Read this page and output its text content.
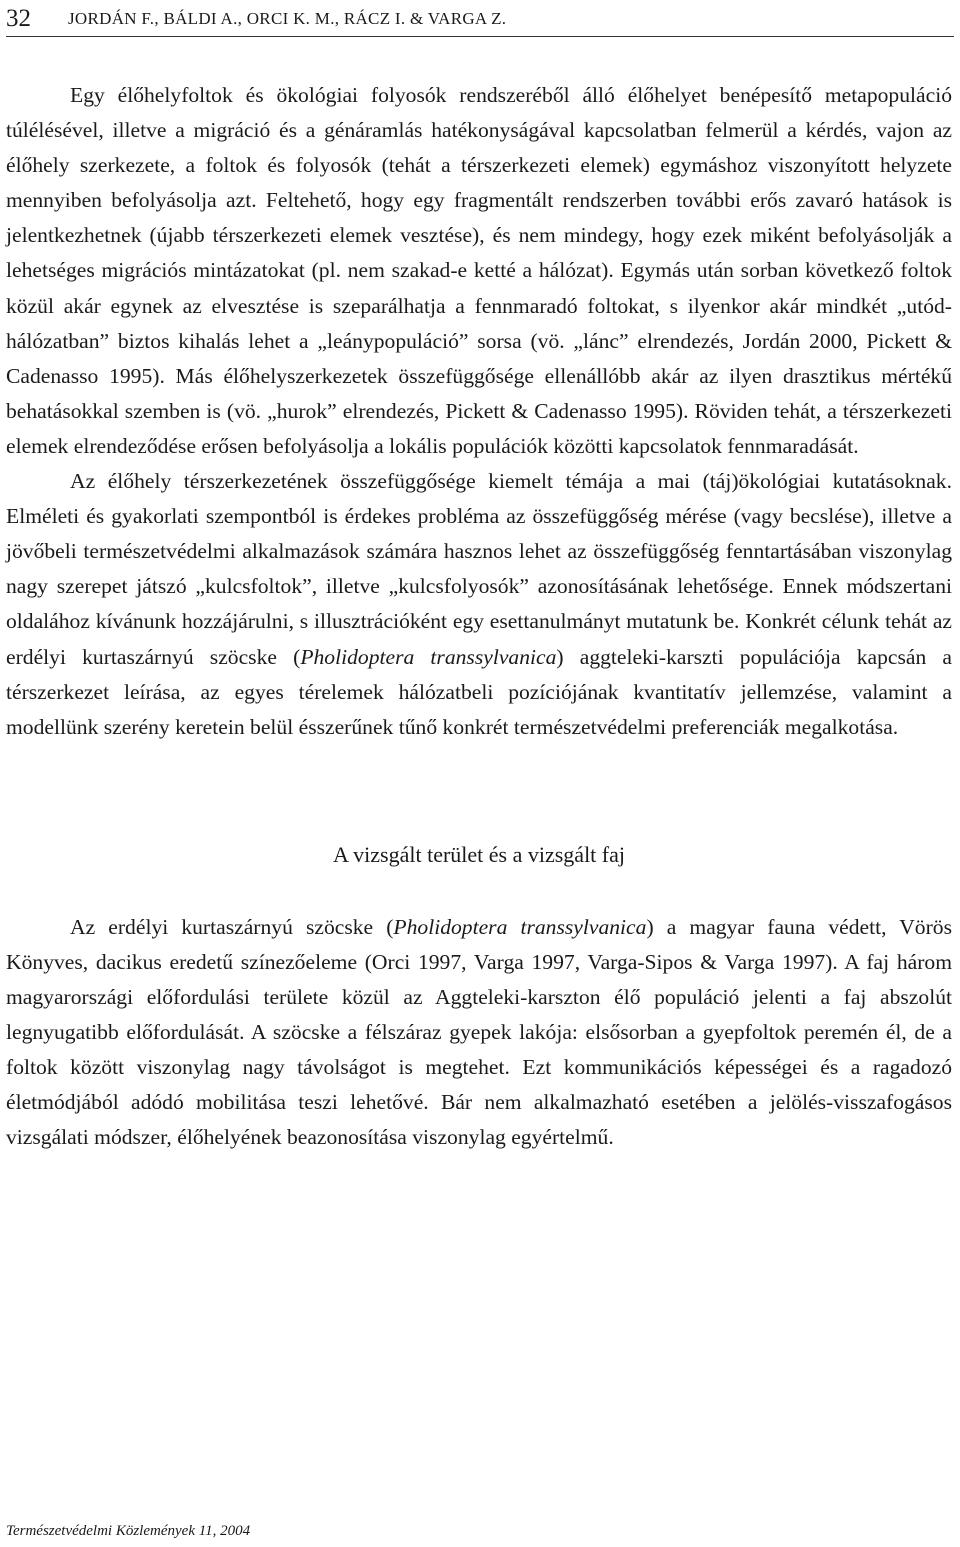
32 JORDÁN F., BÁLDI A., ORCI K. M., RÁCZ I. & VARGA Z.

Egy élőhelyfoltok és ökológiai folyosók rendszeréből álló élőhelyet benépesítő metapopuláció túlélésével, illetve a migráció és a génáramlás hatékonyságával kapcsolatban felmerül a kérdés, vajon az élőhely szerkezete, a foltok és folyosók (tehát a térszerkezeti elemek) egymáshoz viszonyított helyzete mennyiben befolyásolja azt. Feltehető, hogy egy fragmentált rendszerben további erős zavaró hatások is jelentkezhetnek (újabb térszerkezeti elemek vesztése), és nem mindegy, hogy ezek miként befolyásolják a lehetséges migrációs mintázatokat (pl. nem szakad-e ketté a hálózat). Egymás után sorban következő foltok közül akár egynek az elvesztése is szeparálhatja a fennmaradó foltokat, s ilyenkor akár mindkét „utódhálózatban” biztos kihalás lehet a „leánypopuláció” sorsa (vö. „lánc” elrendezés, Jordán 2000, Pickett & Cadenasso 1995). Más élőhelyszerkezetek összefüggősége ellenállóbb akár az ilyen drasztikus mértékű behatásokkal szemben is (vö. „hurok” elrendezés, Pickett & Cadenasso 1995). Röviden tehát, a térszerkezeti elemek elrendeződése erősen befolyásolja a lokális populációk közötti kapcsolatok fennmaradását.

Az élőhely térszerkezetének összefüggősége kiemelt témája a mai (táj)ökológiai kutatásoknak. Elméleti és gyakorlati szempontból is érdekes probléma az összefüggőség mérése (vagy becslése), illetve a jövőbeli természetvédelmi alkalmazások számára hasznos lehet az összefüggőség fenntartásában viszonylag nagy szerepet játszó „kulcsfoltok”, illetve „kulcsfolyosók” azonosításának lehetősége. Ennek módszertani oldalához kívánunk hozzájárulni, s illusztrációként egy esettanulmányt mutatunk be. Konkrét célunk tehát az erdélyi kurtaszárnyú szöcske (Pholidoptera transsylvanica) aggteleki-karszti populációja kapcsán a térszerkezet leírása, az egyes térelemek hálózatbeli pozíciójának kvantitatív jellemzése, valamint a modellünk szerény keretein belül ésszerűnek tűnő konkrét természetvédelmi preferenciák megalkotása.

A vizsgált terület és a vizsgált faj

Az erdélyi kurtaszárnyú szöcske (Pholidoptera transsylvanica) a magyar fauna védett, Vörös Könyves, dacikus eredetű színezőeleme (Orci 1997, Varga 1997, Varga-Sipos & Varga 1997). A faj három magyarországi előfordulási területe közül az Aggteleki-karszton élő populáció jelenti a faj abszolút legnyugatibb előfordulását. A szöcske a félszáraz gyepek lakója: elsősorban a gyepfoltok peremén él, de a foltok között viszonylag nagy távolságot is megtehet. Ezt kommunikációs képességei és a ragadozó életmódjából adódó mobilitása teszi lehetővé. Bár nem alkalmazható esetében a jelölés-visszafogásos vizsgálati módszer, élőhelyének beazonosítása viszonylag egyértelmű.

Természetvédelmi Közlemények 11, 2004
